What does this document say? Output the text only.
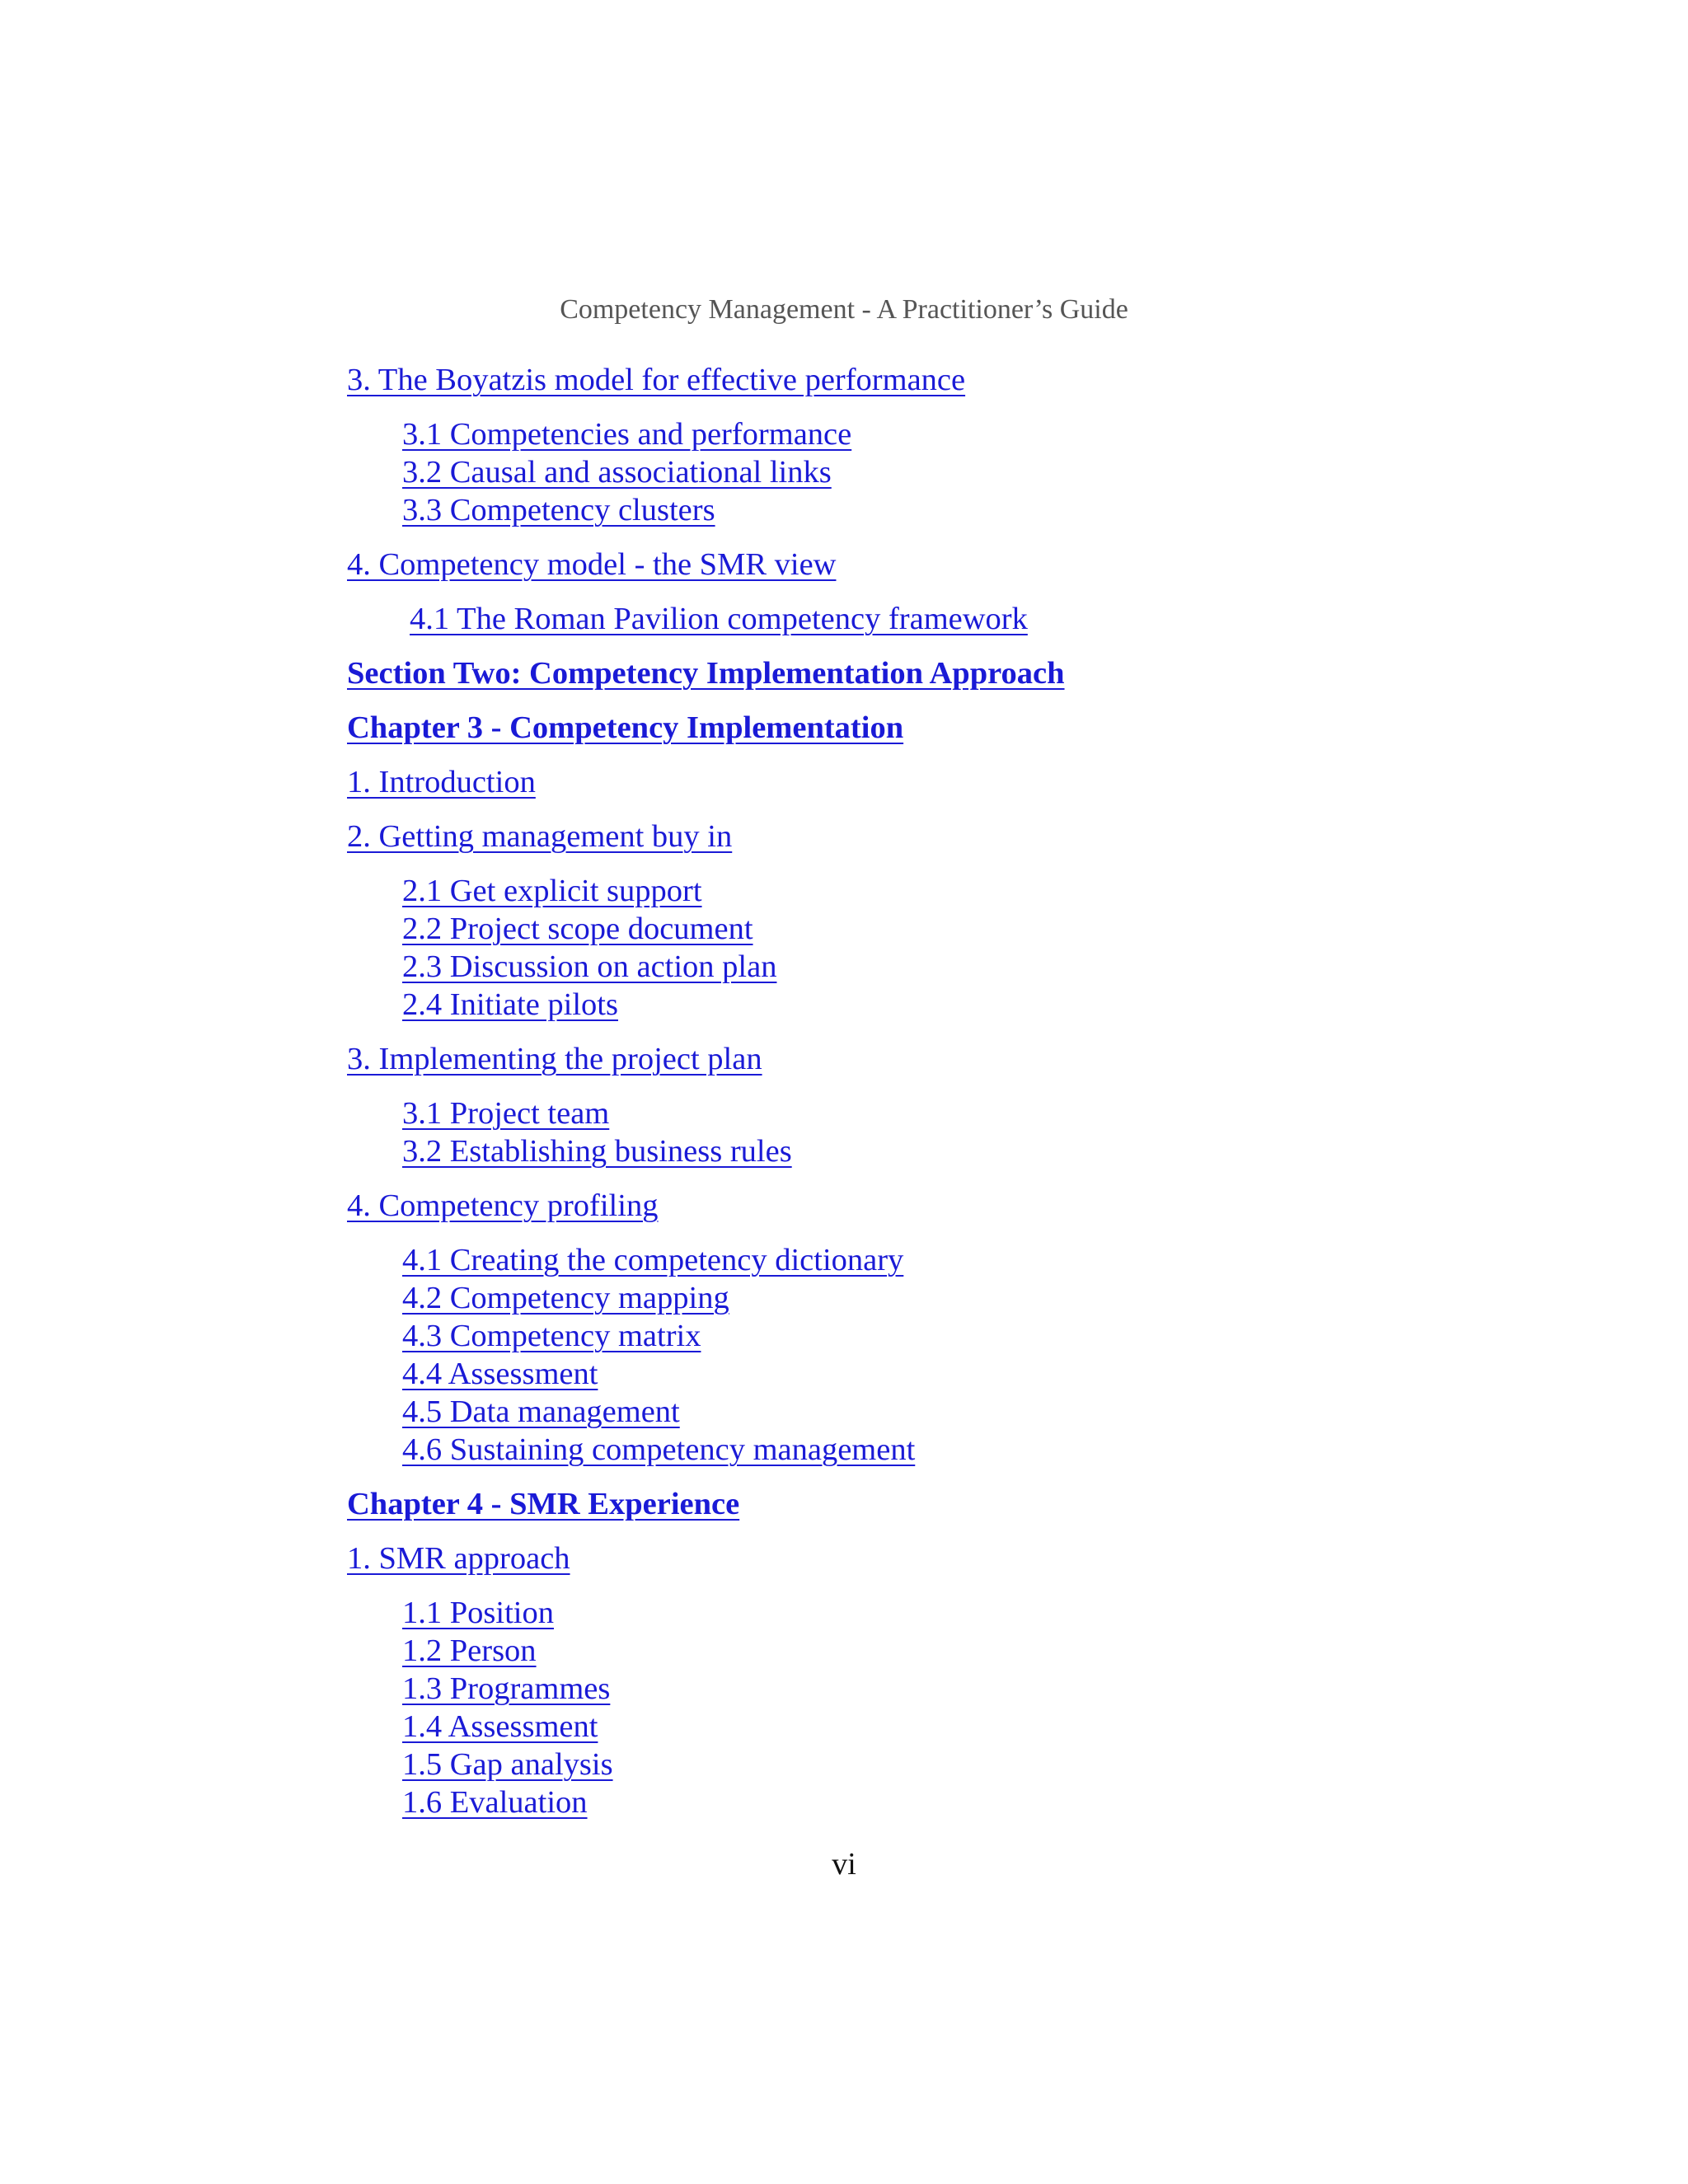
Competency Management - A Practitioner’s Guide
3. The Boyatzis model for effective performance
3.1 Competencies and performance
3.2 Causal and associational links
3.3 Competency clusters
4. Competency model - the SMR view
4.1 The Roman Pavilion competency framework
Section Two: Competency Implementation Approach
Chapter 3 - Competency Implementation
1. Introduction
2. Getting management buy in
2.1 Get explicit support
2.2 Project scope document
2.3 Discussion on action plan
2.4 Initiate pilots
3. Implementing the project plan
3.1 Project team
3.2 Establishing business rules
4. Competency profiling
4.1 Creating the competency dictionary
4.2 Competency mapping
4.3 Competency matrix
4.4 Assessment
4.5 Data management
4.6 Sustaining competency management
Chapter 4 - SMR Experience
1. SMR approach
1.1 Position
1.2 Person
1.3 Programmes
1.4 Assessment
1.5 Gap analysis
1.6 Evaluation
vi
